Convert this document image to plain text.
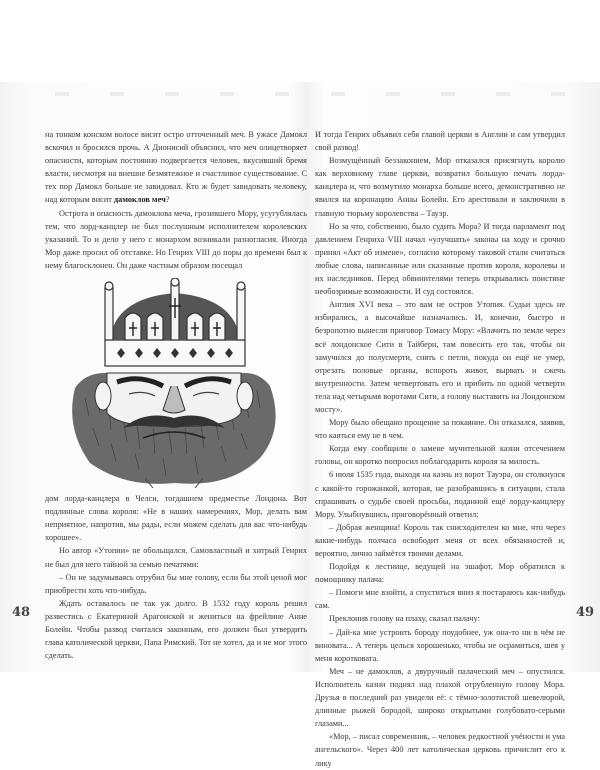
на тонком конском волосе висит остро отточенный меч. В ужасе Дамокл вскочил и бросился прочь. А Дионисий объяснил, что меч олицетворяет опасности, которым постоянно подвергается человек, вкусивший бремя власти, несмотря на внешне безмятежное и счастливое существование. С тех пор Дамокл больше не завидовал. Кто ж будет завидовать человеку, над которым висит дамоклов меч?

Острота и опасность дамоклова меча, грозившего Мору, усугублялась тем, что лорд-канцлер не был послушным исполнителем королевских указаний. То и дело у него с монархом возникали разногласия. Иногда Мор даже просил об отставке. Но Генрих VIII до поры до времени был к нему благосклонен. Он даже частным образом посещал

дом лорда-канцлера в Челси, тогдашнем предместье Лондона. Вот подлинные слова короля: «Не в наших намерениях, Мор, делать вам неприятное, напротив, мы рады, если можем сделать для вас что-нибудь хорошее».

Но автор «Утопии» не обольщался. Самовластный и хитрый Генрих не был для него тайной за семью печатями:

– Он не задумываясь отрубил бы мне голову, если бы этой ценой мог приобрести хоть что-нибудь.

Ждать оставалось не так уж долго. В 1532 году король решил развестись с Екатериной Арагонской и жениться на фрейлине Анне Болейн. Чтобы развод считался законным, его должен был утвердить глава католической церкви, Папа Римский. Тот не хотел, да и не мог этого сделать.

И тогда Генрих объявил себя главой церкви в Англии и сам утвердил свой развод!

Возмущённый беззаконием, Мор отказался присягнуть королю как верховному главе церкви, возвратил большую печать лорда-канцлера и, что возмутило монарха больше всего, демонстративно не явился на коронацию Анны Болейн. Его арестовали и заключили в главную тюрьму королевства – Тауэр.

Но за что, собственно, было судить Мора? И тогда парламент под давлением Генриха VIII начал «улучшать» законы на ходу и срочно принял «Акт об измене», согласно которому таковой стали считаться любые слова, написанные или сказанные против короля, королевы и их наследников. Перед обвинителями теперь открывались поистине необозримые возможности. И суд состоялся.

Англия XVI века – это вам не остров Утопия. Судьи здесь не избирались, а высочайше назначались. И, конечно, быстро и безропотно вынесли приговор Томасу Мору: «Влачить по земле через всё лондонское Сити в Тайберн, там повесить его так, чтобы он замучился до полусмерти, снять с петли, покуда он ещё не умер, отрезать половые органы, вспороть живот, вырвать и сжечь внутренности. Затем четвертовать его и прибить по одной четверти тела над четырьмя воротами Сити, а голову выставить на Лондонском мосту».

Мору было обещано прощение за покаяние. Он отказался, заявив, что каяться ему не в чем.

Когда ему сообщили о замене мучительной казни отсечением головы, он коротко попросил поблагодарить короля за милость.

6 июля 1535 года, выходя на казнь из ворот Тауэра, он столкнулся с какой-то горожанкой, которая, не разобравшись в ситуации, стала спрашивать о судьбе своей просьбы, поданной ещё лорду-канцлеру Мору. Улыбнувшись, приговорённый ответил:

– Добрая женщина! Король так снисходителен ко мне, что через какие-нибудь полчаса освободит меня от всех обязанностей и, вероятно, лично займётся твоими делами.

Подойдя к лестнице, ведущей на эшафот, Мор обратился к помощнику палача:

– Помоги мне взойти, а спуститься вниз я постараюсь как-нибудь сам.

Преклонив голову на плаху, сказал палачу:

– Дай-ка мне устроить бороду поудобнее, уж она-то ни в чём не виновата... А теперь целься хорошенько, чтобы не осрамиться, шея у меня коротковата.

Меч – не дамоклов, а двуручный палаческий меч – опустился. Исполнитель казни поднял над плахой отрубленную голову Мора. Друзья в последний раз увидели её: с тёмно-золотистой шевелюрой, длинные рыжей бородой, широко открытыми голубовато-серыми глазами...

«Мор, – писал современник, – человек редкостной учёности и ума ангельского». Через 400 лет католическая церковь причислит его к лику

48	49
